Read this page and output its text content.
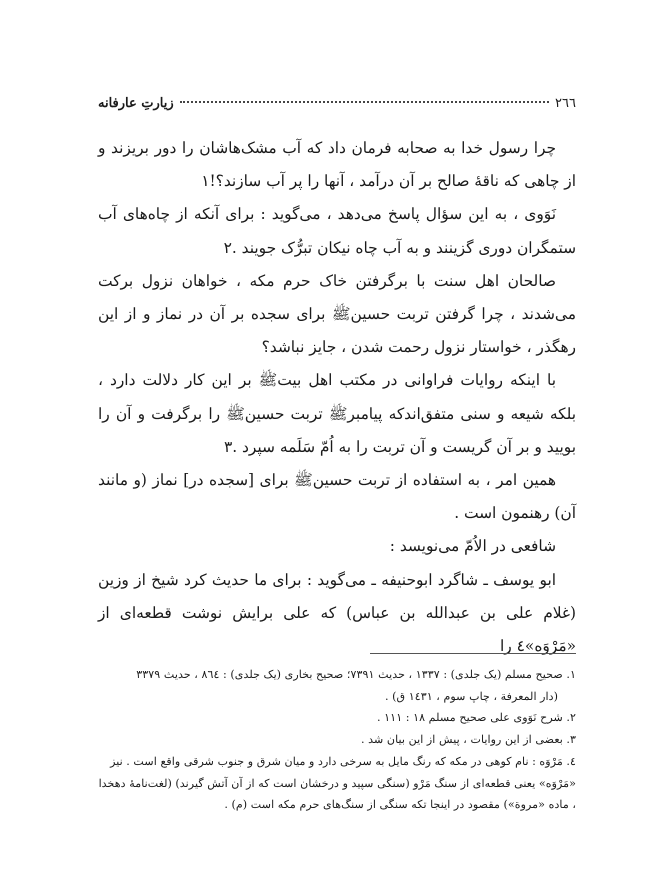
٢٦٦
زيارتِ عارفانه

چرا رسول خدا به صحابه فرمان داد که آب مشک‌هاشان را دور بریزند و از چاهی که ناقۀ صالح بر آن درآمد ، آنها را پر آب سازند؟!١

نَوَوی ، به این سؤال پاسخ می‌دهد ، می‌گوید : برای آنکه از چاه‌های آب ستمگران دوری گزینند و به آب چاه نیکان تبرُّک جویند .٢

صالحان اهل سنت با برگرفتن خاک حرم مکه ، خواهان نزول برکت می‌شدند ، چرا گرفتن تربت حسینﷺ برای سجده بر آن در نماز و از این رهگذر ، خواستار نزول رحمت شدن ، جایز نباشد؟

با اینکه روایات فراوانی در مکتب اهل بیتﷺ بر این کار دلالت دارد ، بلکه شیعه و سنی متفق‌اندکه پیامبرﷺ تربت حسینﷺ را برگرفت و آن را بویید و بر آن گریست و آن تربت را به اُمّ سَلَمه سپرد .٣

همین امر ، به استفاده از تربت حسینﷺ برای [سجده در] نماز (و مانند آن) رهنمون است .

شافعی در الاُمّ می‌نویسد :

ابو یوسف ـ شاگرد ابوحنیفه ـ می‌گوید : برای ما حدیث کرد شیخ از وزین (غلام علی بن عبدالله بن عباس) که علی برایش نوشت قطعه‌ای از «مَرْوَه»٤ را

١. صحیح مسلم (یک جلدی) : ١٣٣٧ ، حدیث ٧٣٩١؛ صحیح بخاری (یک جلدی) : ٨٦٤ ، حدیث ٣٣٧٩
(دار المعرفة ، چاپ سوم ، ١٤٣١ ق) .
٢. شرح نَوَوی علی صحیح مسلم ١٨ : ١١١ .
٣. بعضی از این روایات ، پیش از این بیان شد .
٤. مَرْوَه : نام کوهی در مکه که رنگ مایل به سرخی دارد و میان شرق و جنوب شرقی واقع است . نیز «مَرْوَه» یعنی قطعه‌ای از سنگ مَرْو (سنگی سپید و درخشان است که از آن آتش گیرند) (لغت‌نامۀ دهخدا ، ماده «مروة») مقصود در اینجا تکه سنگی از سنگ‌های حرم مکه است (م) .
